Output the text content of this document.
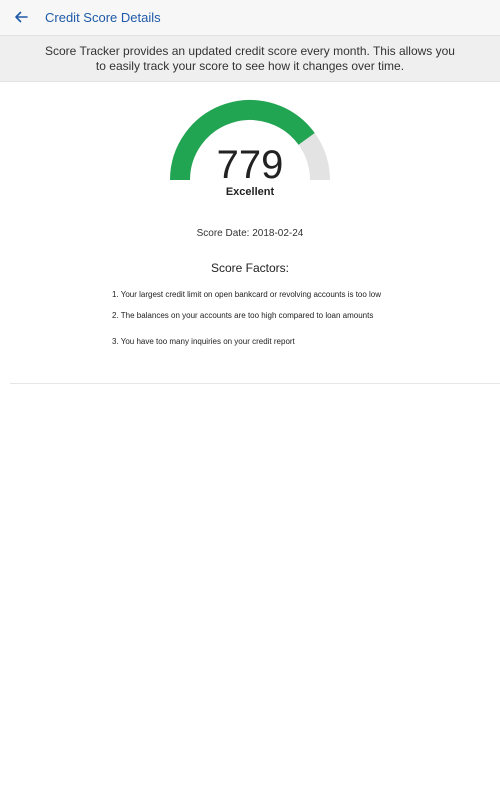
Credit Score Details
Score Tracker provides an updated credit score every month. This allows you to easily track your score to see how it changes over time.
779
Excellent
Score Date: 2018-02-24
Score Factors:
1. Your largest credit limit on open bankcard or revolving accounts is too low
2. The balances on your accounts are too high compared to loan amounts
3. You have too many inquiries on your credit report
